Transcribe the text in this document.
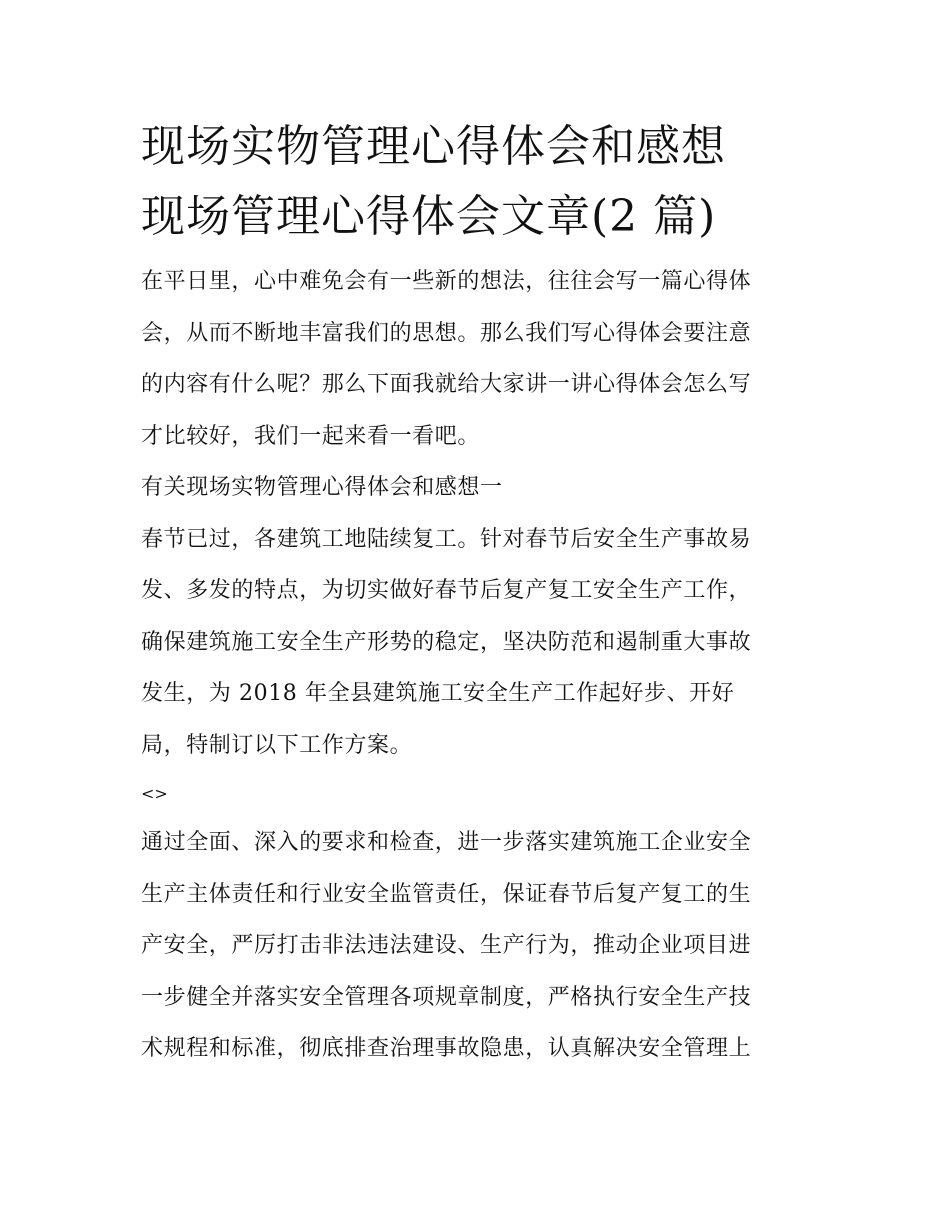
现场实物管理心得体会和感想
现场管理心得体会文章(2 篇)

在平日里，心中难免会有一些新的想法，往往会写一篇心得体
会，从而不断地丰富我们的思想。那么我们写心得体会要注意
的内容有什么呢？那么下面我就给大家讲一讲心得体会怎么写
才比较好，我们一起来看一看吧。

有关现场实物管理心得体会和感想一

春节已过，各建筑工地陆续复工。针对春节后安全生产事故易
发、多发的特点，为切实做好春节后复产复工安全生产工作，
确保建筑施工安全生产形势的稳定，坚决防范和遏制重大事故
发生，为 2018 年全县建筑施工安全生产工作起好步、开好
局，特制订以下工作方案。

<>

通过全面、深入的要求和检查，进一步落实建筑施工企业安全
生产主体责任和行业安全监管责任，保证春节后复产复工的生
产安全，严厉打击非法违法建设、生产行为，推动企业项目进
一步健全并落实安全管理各项规章制度，严格执行安全生产技
术规程和标准，彻底排查治理事故隐患，认真解决安全管理上
